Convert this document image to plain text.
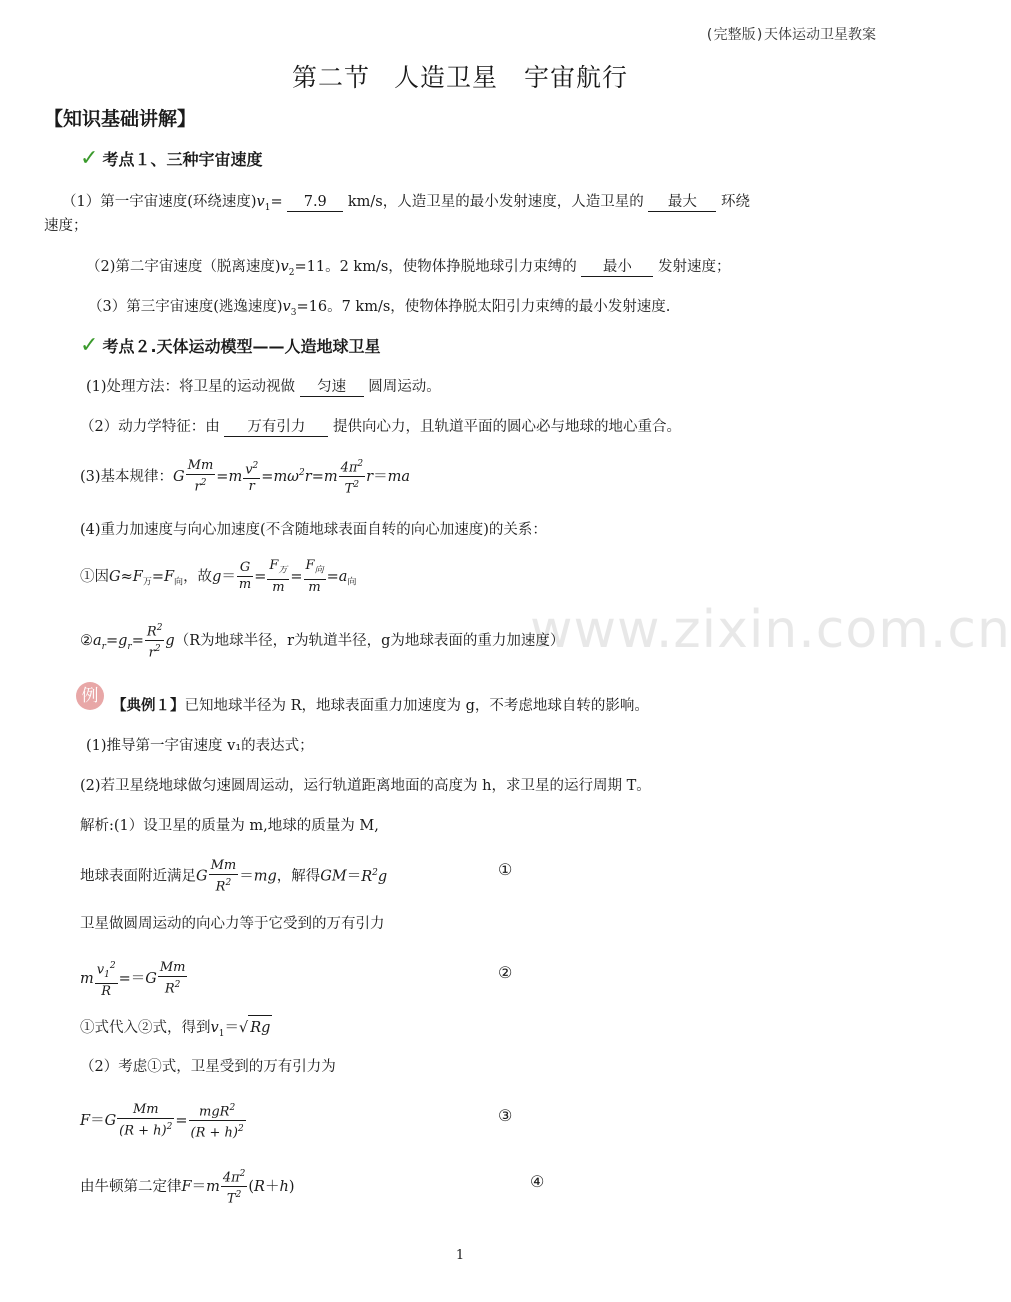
(完整版)天体运动卫星教案
第二节 人造卫星　宇宙航行
【知识基础讲解】
✓ 考点１、三种宇宙速度
（1）第一宇宙速度(环绕速度)$v_1= 7.9$ km/s，人造卫星的最小发射速度，人造卫星的 最大 环绕
速度；
（2)第二宇宙速度（脱离速度)$v_2=11$。2 km/s，使物体挣脱地球引力束缚的 最小 发射速度；
（3）第三宇宙速度(逃逸速度)$v_3=16$。7 km/s，使物体挣脱太阳引力束缚的最小发射速度.
✓ 考点２.天体运动模型——人造地球卫星
(1)处理方法：将卫星的运动视做 匀速 圆周运动。
（2）动力学特征：由 万有引力 提供向心力，且轨道平面的圆心必与地球的地心重合。
(3)基本规律：G $\frac{Mm}{r^2} =m \frac{v^2}{r} =m\omega^2r=m \frac{4\pi^2}{T^2} r=ma$
(4)重力加速度与向心加速度(不含随地球表面自转的向心加速度)的关系：
①因$G\approx F_万=F_向$，故$g= \frac{G}{m} = \frac{F_万}{m} = \frac{F_向}{m} =a_向$
www.zixin.com.cn
$②a_r=g_r= \frac{R^2}{r^2} g(R$为地球半径，r为轨道半径，g为地球表面的重力加速度）
例 【典例１】已知地球半径为 R，地球表面重力加速度为 g，不考虑地球自转的影响。
(1)推导第一宇宙速度 v₁的表达式；
(2)若卫星绕地球做匀速圆周运动，运行轨道距离地面的高度为 h，求卫星的运行周期 T。
解析:(1）设卫星的质量为 m,地球的质量为 M,
地球表面附近满足G $\frac{Mm}{R^2} =mg$，解得$GM=R^2g$	①
卫星做圆周运动的向心力等于它受到的万有引力
m $\frac{v_1^2}{R} ==G \frac{Mm}{R^2}$	②
①式代入②式，得到$v_1=√$ Rg
（2）考虑①式，卫星受到的万有引力为
$F=G \frac{Mm}{(R + h)^2} = \frac{mgR^2}{(R + h)^2}$	③
由牛顿第二定律$F=m \frac{4\pi^2}{T^2} (R+h)$	④
1
